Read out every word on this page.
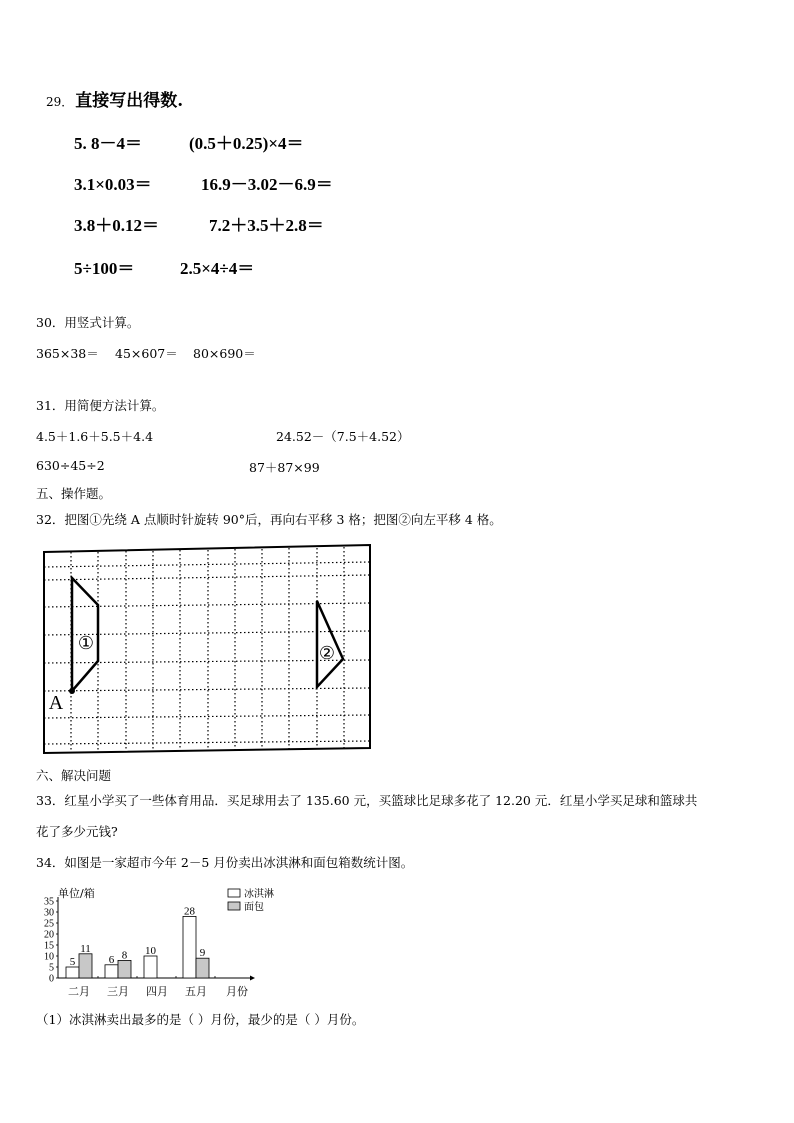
29． 直接写出得数.
5. 8－4＝	(0.5＋0.25)×4＝
3.1×0.03＝	16.9－3.02－6.9＝
3.8＋0.12＝	7.2＋3.5＋2.8＝
5÷100＝	2.5×4÷4＝
30．用竖式计算。
365×38＝ 45×607＝ 80×690＝
31．用简便方法计算。
4.5＋1.6＋5.5＋4.4	24.52－（7.5＋4.52）
630÷45÷2	87＋87×99
五、操作题。
32．把图①先绕 A 点顺时针旋转 90°后，再向右平移 3 格；把图②向左平移 4 格。
①	②
A
六、解决问题
33．红星小学买了一些体育用品．买足球用去了 135.60 元，买篮球比足球多花了 12.20 元．红星小学买足球和篮球共
花了多少元钱?
34．如图是一家超市今年 2－5 月份卖出冰淇淋和面包箱数统计图。
单位/箱
月份
冰淇淋
面包
0
5
10
15
20
25
30
35
5
11
二月
6 8
三月
10
四月
28
9
五月
（1）冰淇淋卖出最多的是（ ）月份，最少的是（ ）月份。
